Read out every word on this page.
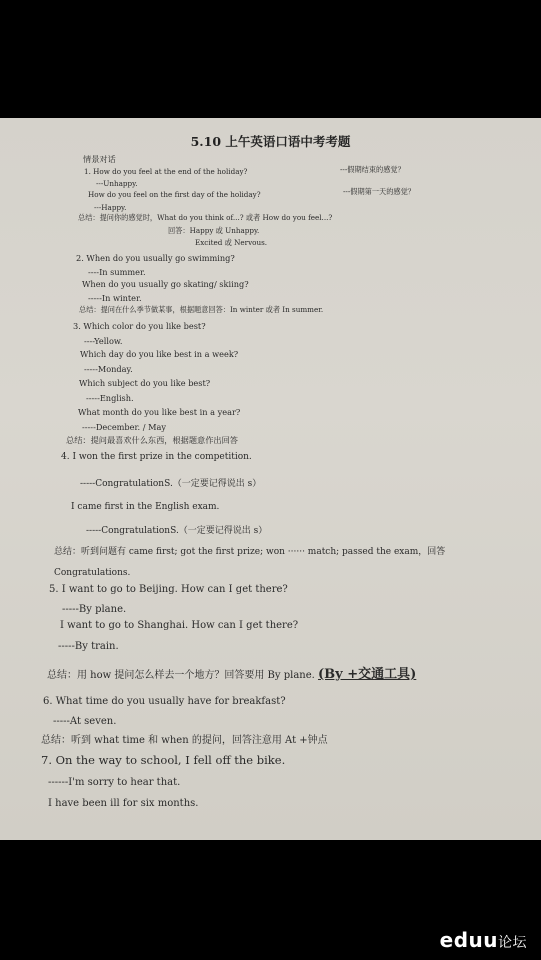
5.10 上午英语口语中考考题
情景对话
1. How do you feel at the end of the holiday?	---假期结束的感觉？
---Unhappy.
How do you feel on the first day of the holiday?	---假期第一天的感觉？
---Happy.
总结：提问你的感觉时，What do you think of...? 或者 How do you feel...?
回答：Happy 或 Unhappy.
Excited 或 Nervous.
2. When do you usually go swimming?
----In summer.
When do you usually go skating/ skiing?
-----In winter.
总结：提问在什么季节做某事，根据题意回答：In winter 或者 In summer.
3. Which color do you like best?
----Yellow.
Which day do you like best in a week?
-----Monday.
Which subject do you like best?
-----English.
What month do you like best in a year?
-----December. / May
总结：提问最喜欢什么东西，根据题意作出回答
4. I won the first prize in the competition.
-----CongratulationS.（一定要记得说出 s）
I came first in the English exam.
-----CongratulationS.（一定要记得说出 s）
总结：听到问题有 came first; got the first prize; won ······ match; passed the exam，回答
Congratulations.
5. I want to go to Beijing. How can I get there?
-----By plane.
I want to go to Shanghai. How can I get there?
-----By train.
总结：用 how 提问怎么样去一个地方？回答要用 By plane. (By +交通工具)
6. What time do you usually have for breakfast?
-----At seven.
总结：听到 what time 和 when 的提问，回答注意用 At +钟点
7. On the way to school, I fell off the bike.
------I'm sorry to hear that.
I have been ill for six months.
eduu论坛
